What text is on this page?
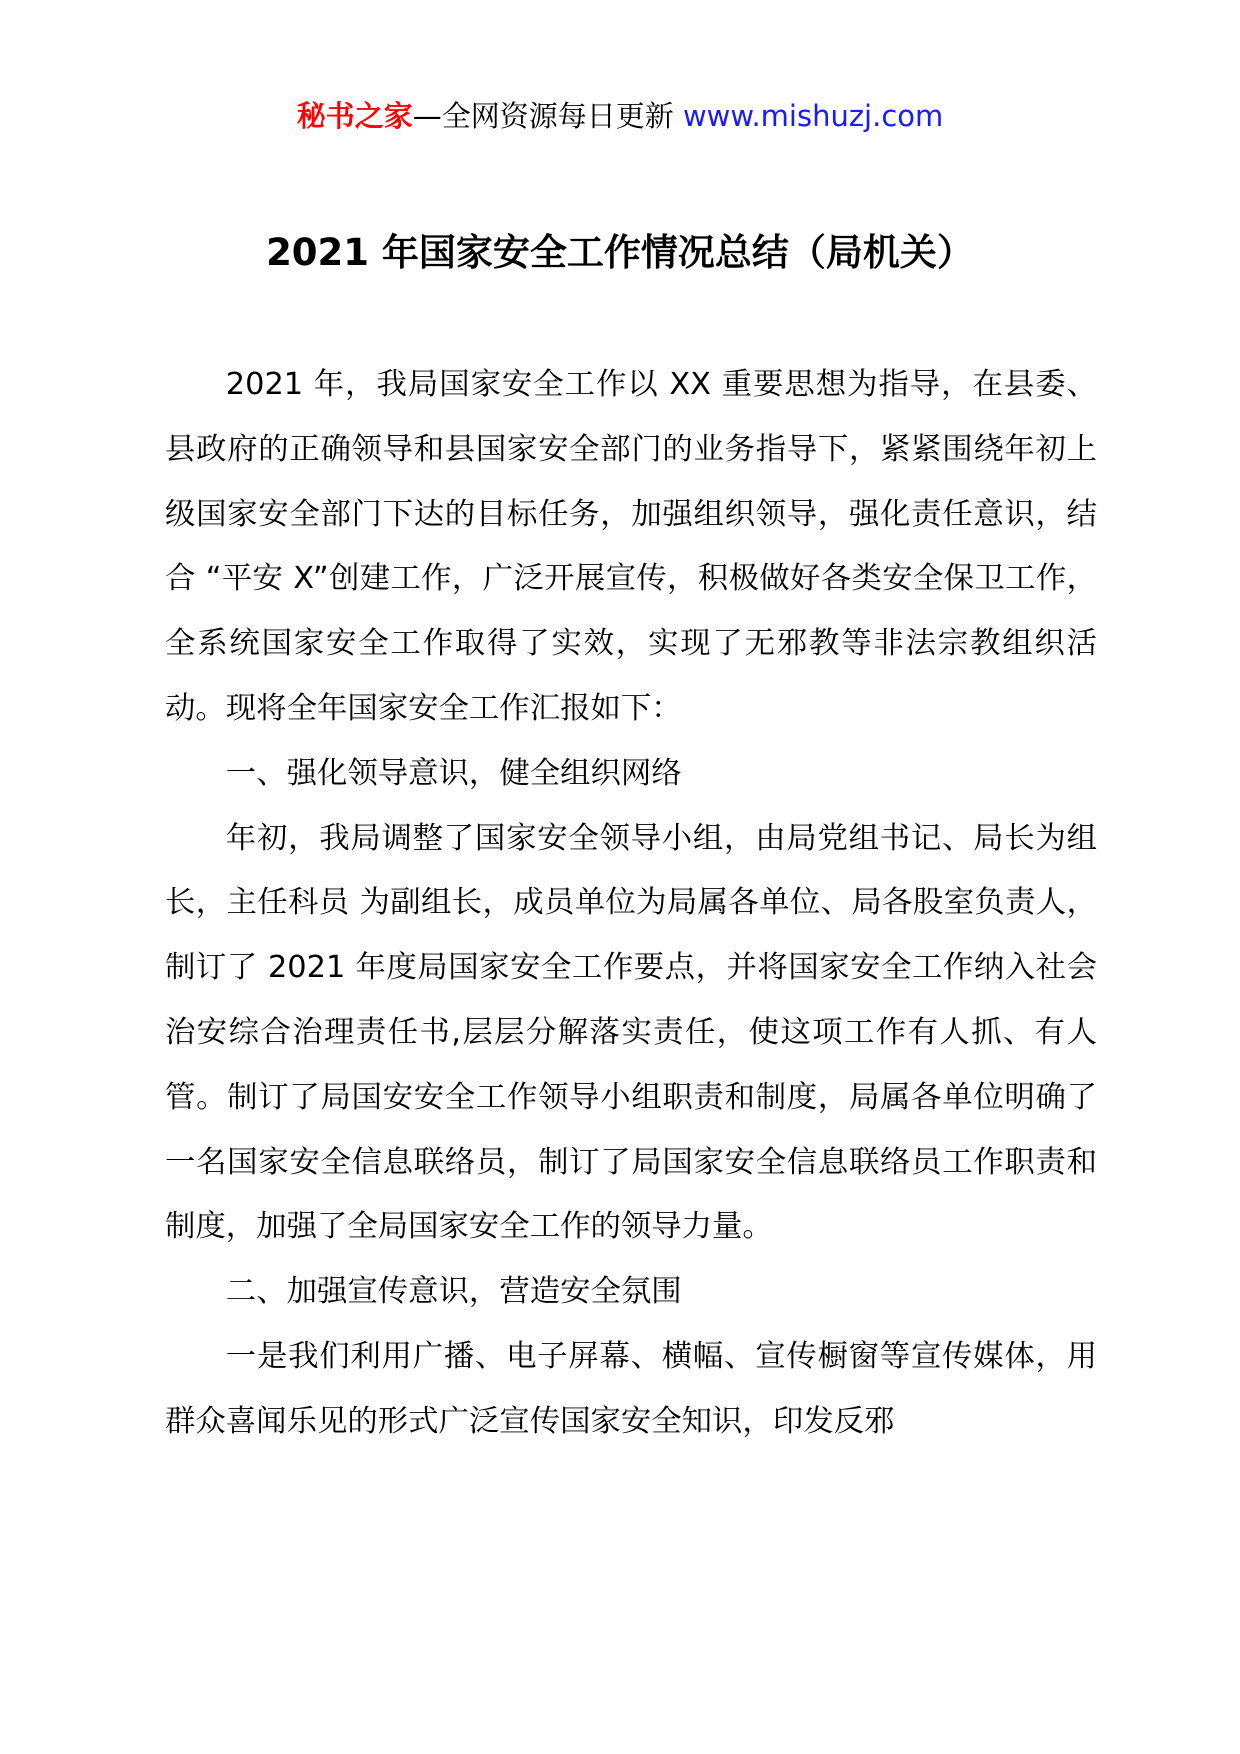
秘书之家—全网资源每日更新 www.mishuzj.com
2021 年国家安全工作情况总结（局机关）

2021 年，我局国家安全工作以 XX 重要思想为指导，在县委、县政府的正确领导和县国家安全部门的业务指导下，紧紧围绕年初上级国家安全部门下达的目标任务，加强组织领导，强化责任意识，结合 “平安 X”创建工作，广泛开展宣传，积极做好各类安全保卫工作，全系统国家安全工作取得了实效，实现了无邪教等非法宗教组织活动。现将全年国家安全工作汇报如下：

一、强化领导意识，健全组织网络

年初，我局调整了国家安全领导小组，由局党组书记、局长为组长，主任科员 为副组长，成员单位为局属各单位、局各股室负责人，制订了 2021 年度局国家安全工作要点，并将国家安全工作纳入社会治安综合治理责任书,层层分解落实责任，使这项工作有人抓、有人管。制订了局国安安全工作领导小组职责和制度，局属各单位明确了一名国家安全信息联络员，制订了局国家安全信息联络员工作职责和制度，加强了全局国家安全工作的领导力量。

二、加强宣传意识，营造安全氛围

一是我们利用广播、电子屏幕、横幅、宣传橱窗等宣传媒体，用群众喜闻乐见的形式广泛宣传国家安全知识，印发反邪
